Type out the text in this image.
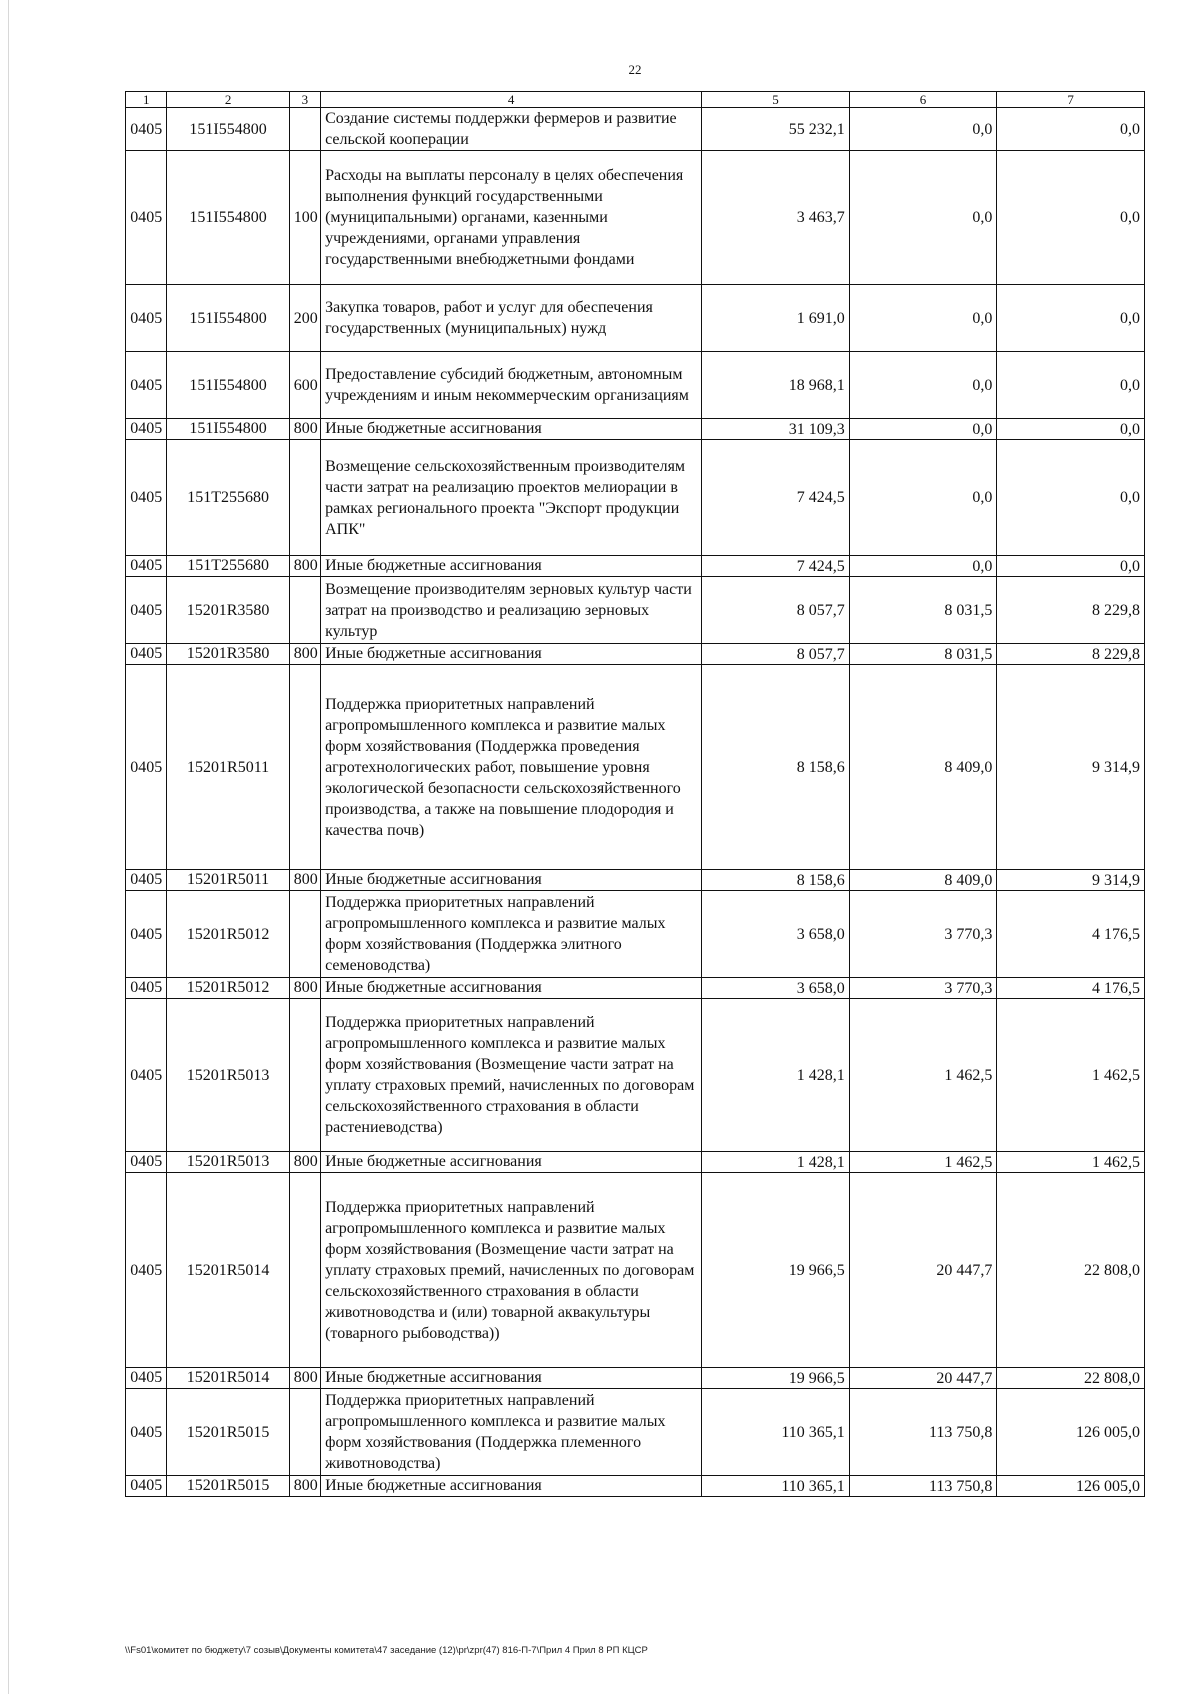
22
1	2	3	4	5	6	7
0405	151I554800		Создание системы поддержки фермеров и развитие сельской кооперации	55 232,1	0,0	0,0
0405	151I554800	100	Расходы на выплаты персоналу в целях обеспечения выполнения функций государственными (муниципальными) органами, казенными учреждениями, органами управления государственными внебюджетными фондами	3 463,7	0,0	0,0
0405	151I554800	200	Закупка товаров, работ и услуг для обеспечения государственных (муниципальных) нужд	1 691,0	0,0	0,0
0405	151I554800	600	Предоставление субсидий бюджетным, автономным учреждениям и иным некоммерческим организациям	18 968,1	0,0	0,0
0405	151I554800	800	Иные бюджетные ассигнования	31 109,3	0,0	0,0
0405	151T255680		Возмещение сельскохозяйственным производителям части затрат на реализацию проектов мелиорации в рамках регионального проекта "Экспорт продукции АПК"	7 424,5	0,0	0,0
0405	151T255680	800	Иные бюджетные ассигнования	7 424,5	0,0	0,0
0405	15201R3580		Возмещение производителям зерновых культур части затрат на производство и реализацию зерновых культур	8 057,7	8 031,5	8 229,8
0405	15201R3580	800	Иные бюджетные ассигнования	8 057,7	8 031,5	8 229,8
0405	15201R5011		Поддержка приоритетных направлений агропромышленного комплекса и развитие малых форм хозяйствования (Поддержка проведения агротехнологических работ, повышение уровня экологической безопасности сельскохозяйственного производства, а также на повышение плодородия и качества почв)	8 158,6	8 409,0	9 314,9
0405	15201R5011	800	Иные бюджетные ассигнования	8 158,6	8 409,0	9 314,9
0405	15201R5012		Поддержка приоритетных направлений агропромышленного комплекса и развитие малых форм хозяйствования (Поддержка элитного семеноводства)	3 658,0	3 770,3	4 176,5
0405	15201R5012	800	Иные бюджетные ассигнования	3 658,0	3 770,3	4 176,5
0405	15201R5013		Поддержка приоритетных направлений агропромышленного комплекса и развитие малых форм хозяйствования (Возмещение части затрат на уплату страховых премий, начисленных по договорам сельскохозяйственного страхования в области растениеводства)	1 428,1	1 462,5	1 462,5
0405	15201R5013	800	Иные бюджетные ассигнования	1 428,1	1 462,5	1 462,5
0405	15201R5014		Поддержка приоритетных направлений агропромышленного комплекса и развитие малых форм хозяйствования (Возмещение части затрат на уплату страховых премий, начисленных по договорам сельскохозяйственного страхования в области животноводства и (или) товарной аквакультуры (товарного рыбоводства))	19 966,5	20 447,7	22 808,0
0405	15201R5014	800	Иные бюджетные ассигнования	19 966,5	20 447,7	22 808,0
0405	15201R5015		Поддержка приоритетных направлений агропромышленного комплекса и развитие малых форм хозяйствования (Поддержка племенного животноводства)	110 365,1	113 750,8	126 005,0
0405	15201R5015	800	Иные бюджетные ассигнования	110 365,1	113 750,8	126 005,0
\\Fs01\комитет по бюджету\7 созыв\Документы комитета\47 заседание (12)\pr\zpr(47) 816-П-7\Прил 4 Прил 8 РП КЦСР
